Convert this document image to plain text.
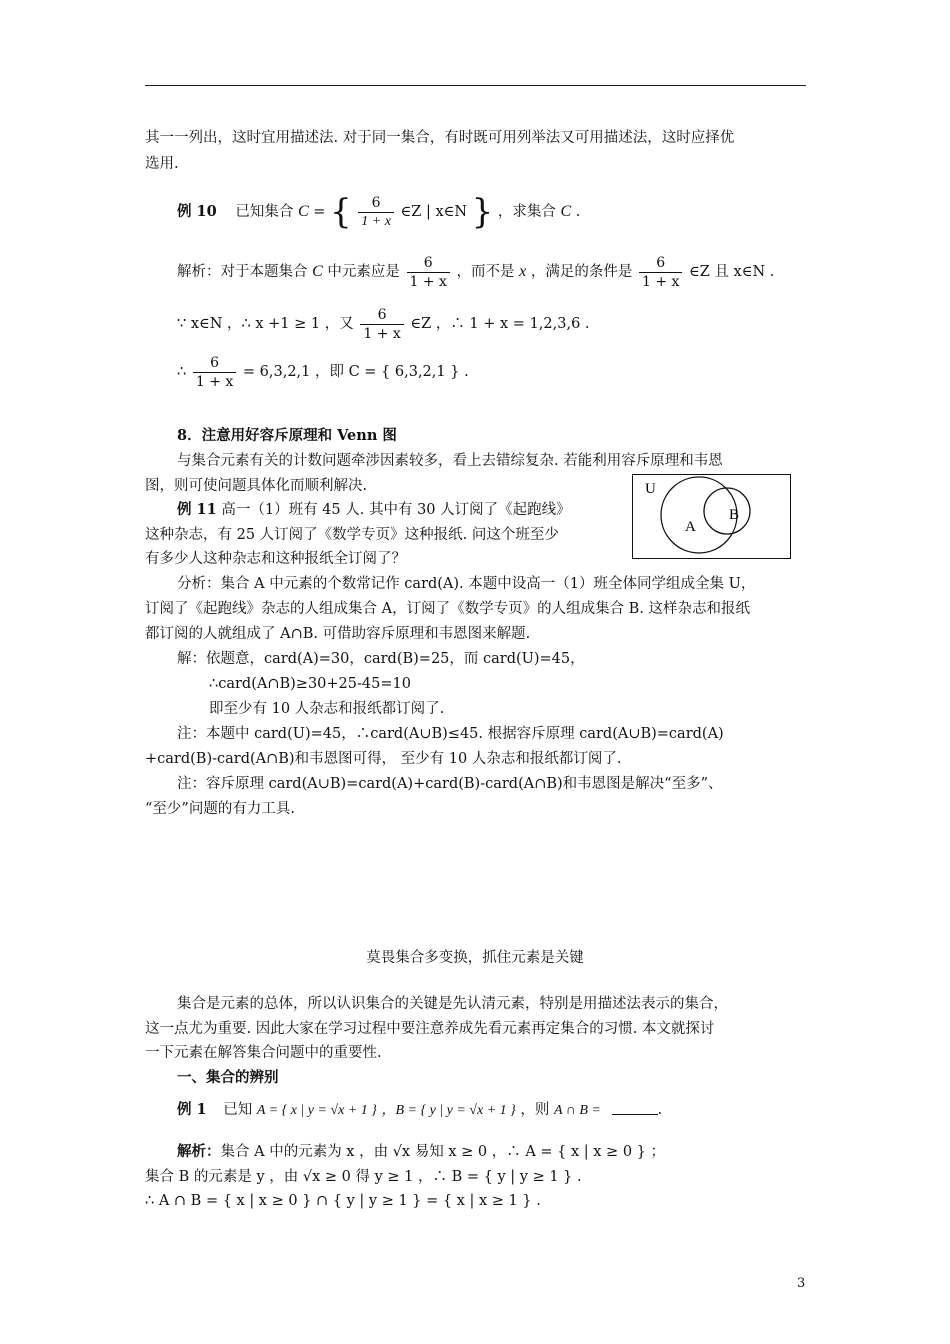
其一一列出，这时宜用描述法. 对于同一集合，有时既可用列举法又可用描述法，这时应择优
选用.
例 10 已知集合 C = { $\frac{6}{1 + x}$ ∈Z | x∈N } ，求集合 C .
解析：对于本题集合 C 中元素应是 $\frac{6}{1 + x}$ ，而不是 x ，满足的条件是 $\frac{6}{1 + x}$ ∈Z 且 x∈N .
∵ x∈N ，∴ x +1 ≥ 1 ，又 $\frac{6}{1 + x}$ ∈Z ，∴ 1 + x = 1,2,3,6 .
∴ $\frac{6}{1 + x} = 6,3,2,1$ ，即 C = { 6,3,2,1 } .
8．注意用好容斥原理和 Venn 图
与集合元素有关的计数问题牵涉因素较多，看上去错综复杂. 若能利用容斥原理和韦恩
图，则可使问题具体化而顺利解决.
例 11 高一（1）班有 45 人. 其中有 30 人订阅了《起跑线》
这种杂志，有 25 人订阅了《数学专页》这种报纸. 问这个班至少
有多少人这种杂志和这种报纸全订阅了？
U
A
B
分析：集合 A 中元素的个数常记作 card(A). 本题中设高一（1）班全体同学组成全集 U，
订阅了《起跑线》杂志的人组成集合 A，订阅了《数学专页》的人组成集合 B. 这样杂志和报纸
都订阅的人就组成了 A∩B. 可借助容斥原理和韦恩图来解题.
解：依题意，card(A)=30，card(B)=25，而 card(U)=45，
∴card(A∩B)≥30+25-45=10
即至少有 10 人杂志和报纸都订阅了.
注：本题中 card(U)=45，∴card(A∪B)≤45. 根据容斥原理 card(A∪B)=card(A)
+card(B)-card(A∩B)和韦恩图可得， 至少有 10 人杂志和报纸都订阅了.
注：容斥原理 card(A∪B)=card(A)+card(B)-card(A∩B)和韦恩图是解决“至多”、
“至少”问题的有力工具.
莫畏集合多变换，抓住元素是关键
集合是元素的总体，所以认识集合的关键是先认清元素，特别是用描述法表示的集合，
这一点尤为重要. 因此大家在学习过程中要注意养成先看元素再定集合的习惯. 本文就探讨
一下元素在解答集合问题中的重要性.
一、集合的辨别
例 1 已知 A = { x | y = √x + 1 } ，B = { y | y = √x + 1 } ，则 A ∩ B =	.
解析：集合 A 中的元素为 x ，由 √x 易知 x ≥ 0 ，∴ A = { x | x ≥ 0 } ；
集合 B 的元素是 y ，由 √x ≥ 0 得 y ≥ 1 ，∴ B = { y | y ≥ 1 } .
∴ A ∩ B = { x | x ≥ 0 } ∩ { y | y ≥ 1 } = { x | x ≥ 1 } .
3
